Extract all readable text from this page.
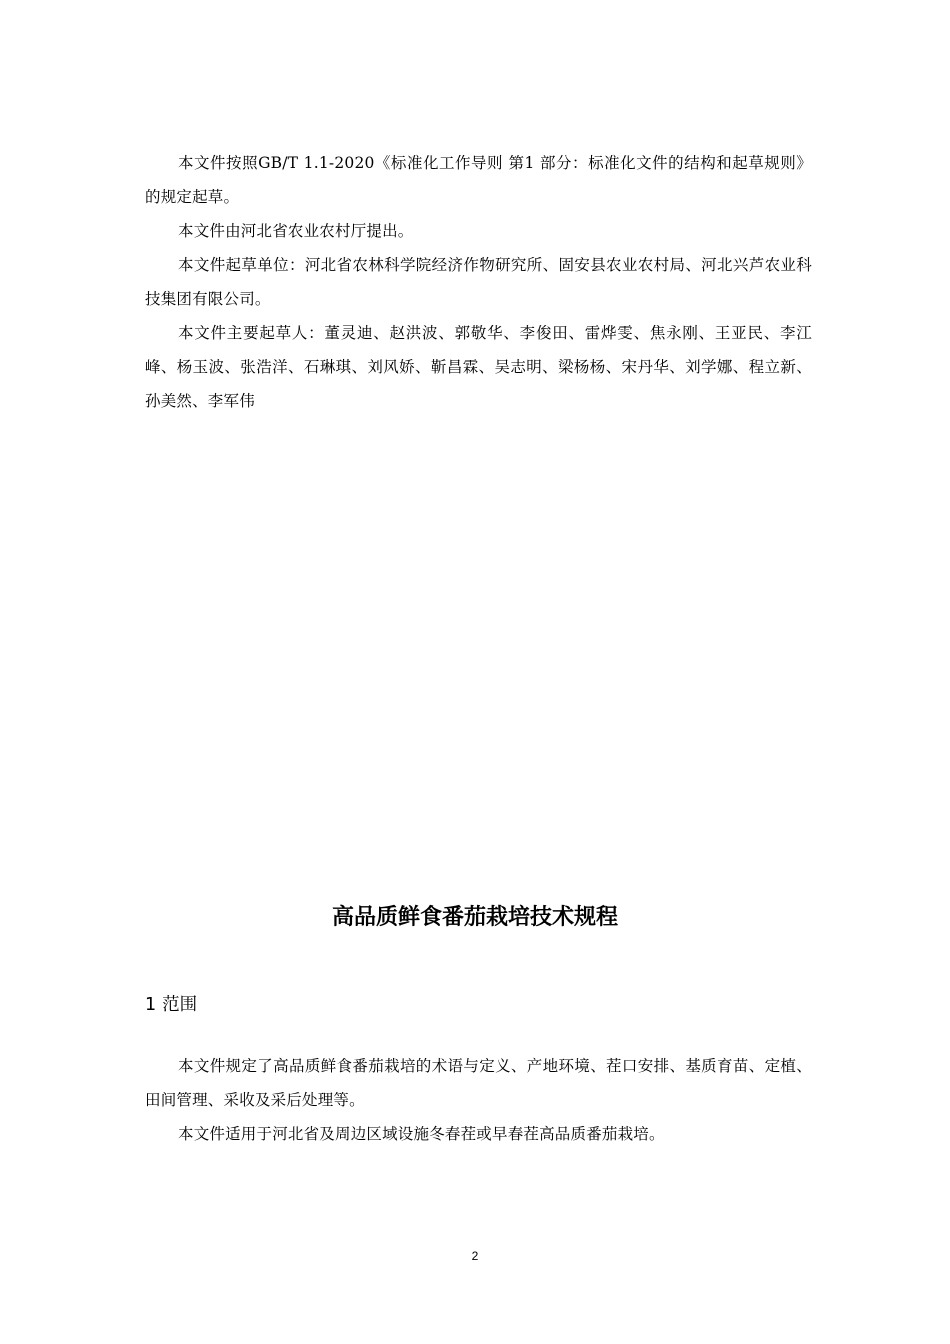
本文件按照GB/T 1.1-2020《标准化工作导则 第1 部分：标准化文件的结构和起草规则》的规定起草。

本文件由河北省农业农村厅提出。

本文件起草单位：河北省农林科学院经济作物研究所、固安县农业农村局、河北兴芦农业科技集团有限公司。

本文件主要起草人：董灵迪、赵洪波、郭敬华、李俊田、雷烨雯、焦永刚、王亚民、李江峰、杨玉波、张浩洋、石琳琪、刘风娇、靳昌霖、吴志明、梁杨杨、宋丹华、刘学娜、程立新、孙美然、李军伟

高品质鲜食番茄栽培技术规程
1 范围

本文件规定了高品质鲜食番茄栽培的术语与定义、产地环境、茬口安排、基质育苗、定植、田间管理、采收及采后处理等。

本文件适用于河北省及周边区域设施冬春茬或早春茬高品质番茄栽培。

2
